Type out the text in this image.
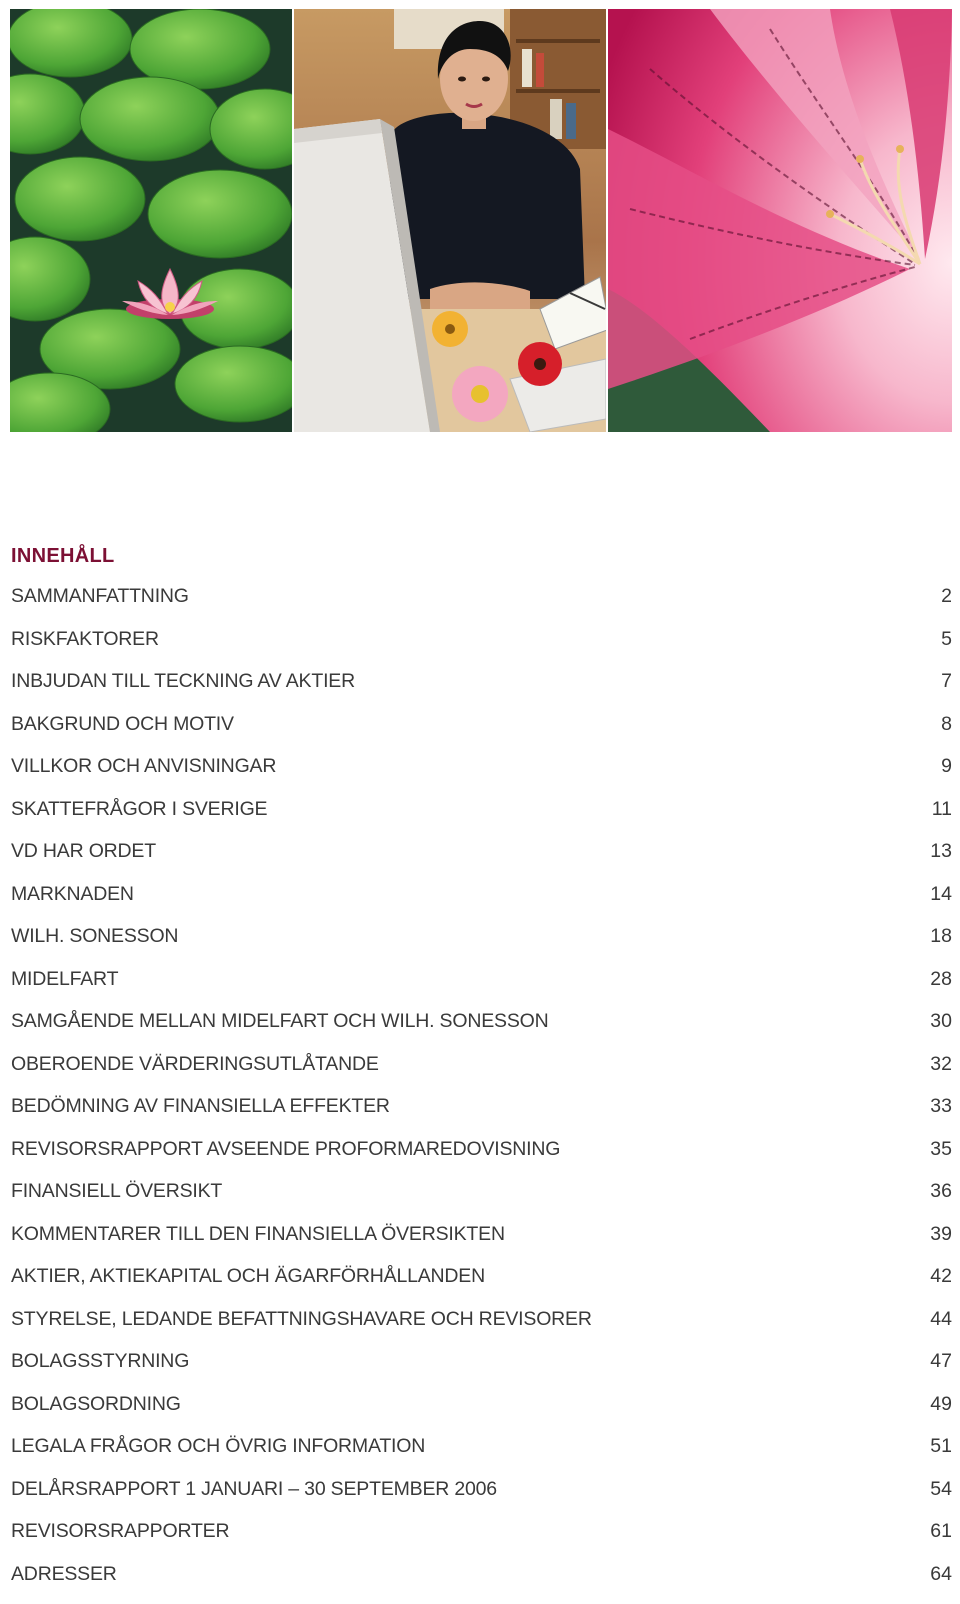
INNEHÅLL
SAMMANFATTNING	2
RISKFAKTORER	5
INBJUDAN TILL TECKNING AV AKTIER	7
BAKGRUND OCH MOTIV	8
VILLKOR OCH ANVISNINGAR	9
SKATTEFRÅGOR I SVERIGE	11
VD HAR ORDET	13
MARKNADEN	14
WILH. SONESSON	18
MIDELFART	28
SAMGÅENDE MELLAN MIDELFART OCH WILH. SONESSON	30
OBEROENDE VÄRDERINGSUTLÅTANDE	32
BEDÖMNING AV FINANSIELLA EFFEKTER	33
REVISORSRAPPORT AVSEENDE PROFORMAREDOVISNING	35
FINANSIELL ÖVERSIKT	36
KOMMENTARER TILL DEN FINANSIELLA ÖVERSIKTEN	39
AKTIER, AKTIEKAPITAL OCH ÄGARFÖRHÅLLANDEN	42
STYRELSE, LEDANDE BEFATTNINGSHAVARE OCH REVISORER	44
BOLAGSSTYRNING	47
BOLAGSORDNING	49
LEGALA FRÅGOR OCH ÖVRIG INFORMATION	51
DELÅRSRAPPORT 1 JANUARI – 30 SEPTEMBER 2006	54
REVISORSRAPPORTER	61
ADRESSER	64
